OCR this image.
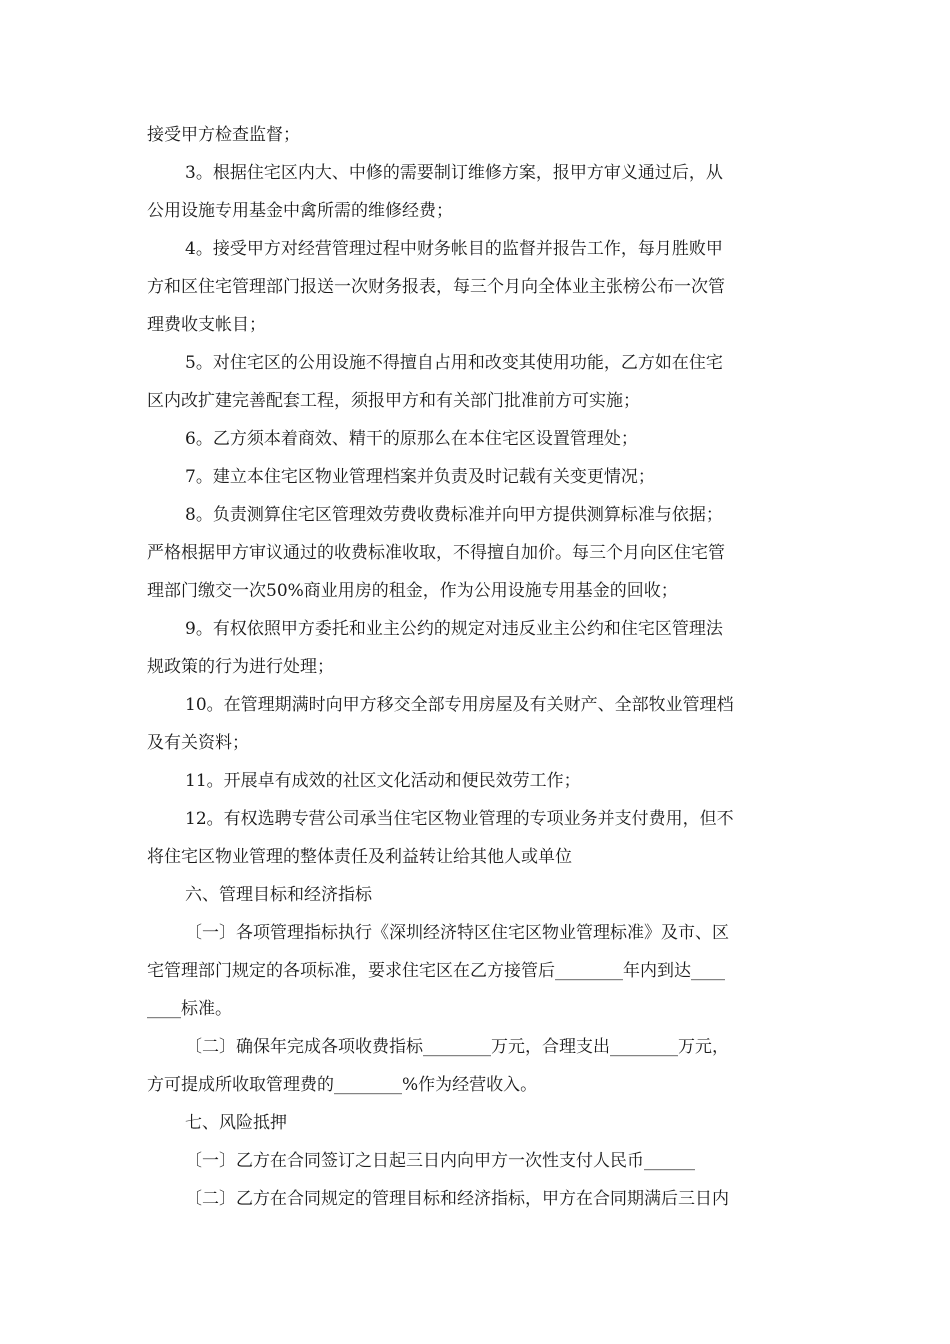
接受甲方检查监督；
3。根据住宅区内大、中修的需要制订维修方案，报甲方审义通过后，从
公用设施专用基金中禽所需的维修经费；
4。接受甲方对经营管理过程中财务帐目的监督并报告工作，每月胜败甲
方和区住宅管理部门报送一次财务报表，每三个月向全体业主张榜公布一次管
理费收支帐目；
5。对住宅区的公用设施不得擅自占用和改变其使用功能，乙方如在住宅
区内改扩建完善配套工程，须报甲方和有关部门批准前方可实施；
6。乙方须本着商效、精干的原那么在本住宅区设置管理处；
7。建立本住宅区物业管理档案并负责及时记载有关变更情况；
8。负责测算住宅区管理效劳费收费标准并向甲方提供测算标准与依据；
严格根据甲方审议通过的收费标准收取，不得擅自加价。每三个月向区住宅管
理部门缴交一次50%商业用房的租金，作为公用设施专用基金的回收；
9。有权依照甲方委托和业主公约的规定对违反业主公约和住宅区管理法
规政策的行为进行处理；
10。在管理期满时向甲方移交全部专用房屋及有关财产、全部牧业管理档
及有关资料；
11。开展卓有成效的社区文化活动和便民效劳工作；
12。有权选聘专营公司承当住宅区物业管理的专项业务并支付费用，但不
将住宅区物业管理的整体责任及利益转让给其他人或单位
六、管理目标和经济指标
〔一〕各项管理指标执行《深圳经济特区住宅区物业管理标准》及市、区
宅管理部门规定的各项标准，要求住宅区在乙方接管后________年内到达____
____标准。
〔二〕确保年完成各项收费指标________万元，合理支出________万元，
方可提成所收取管理费的________%作为经营收入。
七、风险抵押
〔一〕乙方在合同签订之日起三日内向甲方一次性支付人民币______
〔二〕乙方在合同规定的管理目标和经济指标，甲方在合同期满后三日内
